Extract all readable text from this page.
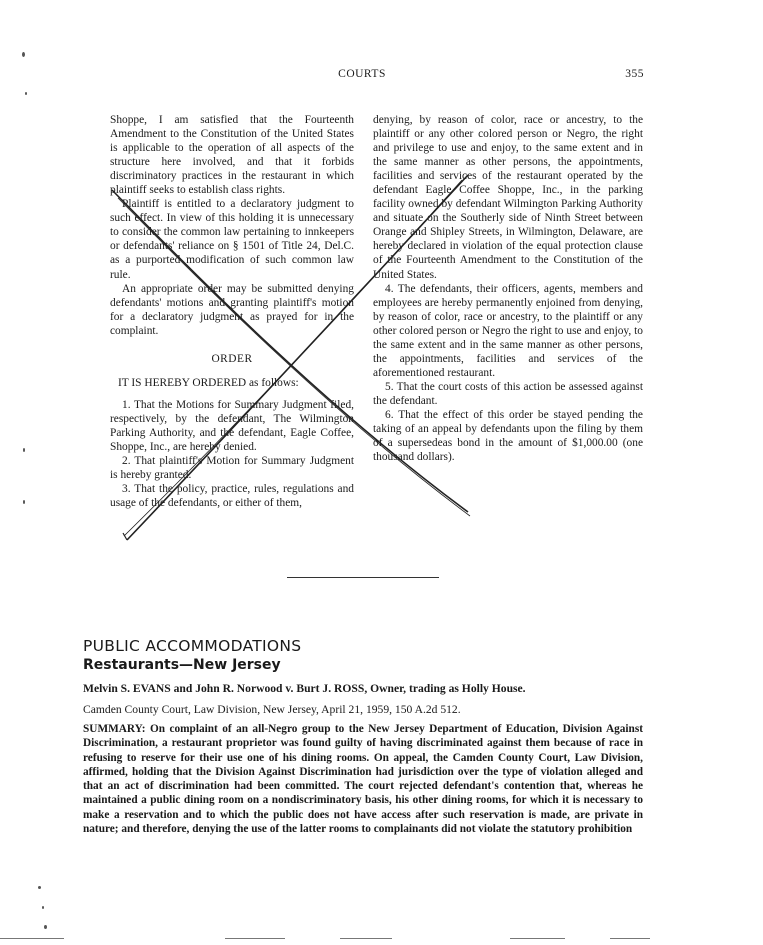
COURTS	355

Shoppe, I am satisfied that the Fourteenth Amendment to the Constitution of the United States is applicable to the operation of all aspects of the structure here involved, and that it forbids discriminatory practices in the restaurant in which plaintiff seeks to establish class rights.

Plaintiff is entitled to a declaratory judgment to such effect. In view of this holding it is unnecessary to consider the common law pertaining to innkeepers or defendants' reliance on § 1501 of Title 24, Del.C. as a purported modification of such common law rule.

An appropriate order may be submitted denying defendants' motions and granting plaintiff's motion for a declaratory judgment as prayed for in the complaint.

ORDER

IT IS HEREBY ORDERED as follows:

1. That the Motions for Summary Judgment filed, respectively, by the defendant, The Wilmington Parking Authority, and the defendant, Eagle Coffee, Shoppe, Inc., are hereby denied.

2. That plaintiff's Motion for Summary Judgment is hereby granted.

3. That the policy, practice, rules, regulations and usage of the defendants, or either of them,

denying, by reason of color, race or ancestry, to the plaintiff or any other colored person or Negro, the right and privilege to use and enjoy, to the same extent and in the same manner as other persons, the appointments, facilities and services of the restaurant operated by the defendant Eagle Coffee Shoppe, Inc., in the parking facility owned by defendant Wilmington Parking Authority and situate on the Southerly side of Ninth Street between Orange and Shipley Streets, in Wilmington, Delaware, are hereby declared in violation of the equal protection clause of the Fourteenth Amendment to the Constitution of the United States.

4. The defendants, their officers, agents, members and employees are hereby permanently enjoined from denying, by reason of color, race or ancestry, to the plaintiff or any other colored person or Negro the right to use and enjoy, to the same extent and in the same manner as other persons, the appointments, facilities and services of the aforementioned restaurant.

5. That the court costs of this action be assessed against the defendant.

6. That the effect of this order be stayed pending the taking of an appeal by defendants upon the filing by them of a supersedeas bond in the amount of $1,000.00 (one thousand dollars).

PUBLIC ACCOMMODATIONS
Restaurants—New Jersey
Melvin S. EVANS and John R. Norwood v. Burt J. ROSS, Owner, trading as Holly House.
Camden County Court, Law Division, New Jersey, April 21, 1959, 150 A.2d 512.
SUMMARY: On complaint of an all-Negro group to the New Jersey Department of Education, Division Against Discrimination, a restaurant proprietor was found guilty of having discriminated against them because of race in refusing to reserve for their use one of his dining rooms. On appeal, the Camden County Court, Law Division, affirmed, holding that the Division Against Discrimination had jurisdiction over the type of violation alleged and that an act of discrimination had been committed. The court rejected defendant's contention that, whereas he maintained a public dining room on a nondiscriminatory basis, his other dining rooms, for which it is necessary to make a reservation and to which the public does not have access after such reservation is made, are private in nature; and therefore, denying the use of the latter rooms to complainants did not violate the statutory prohibition
